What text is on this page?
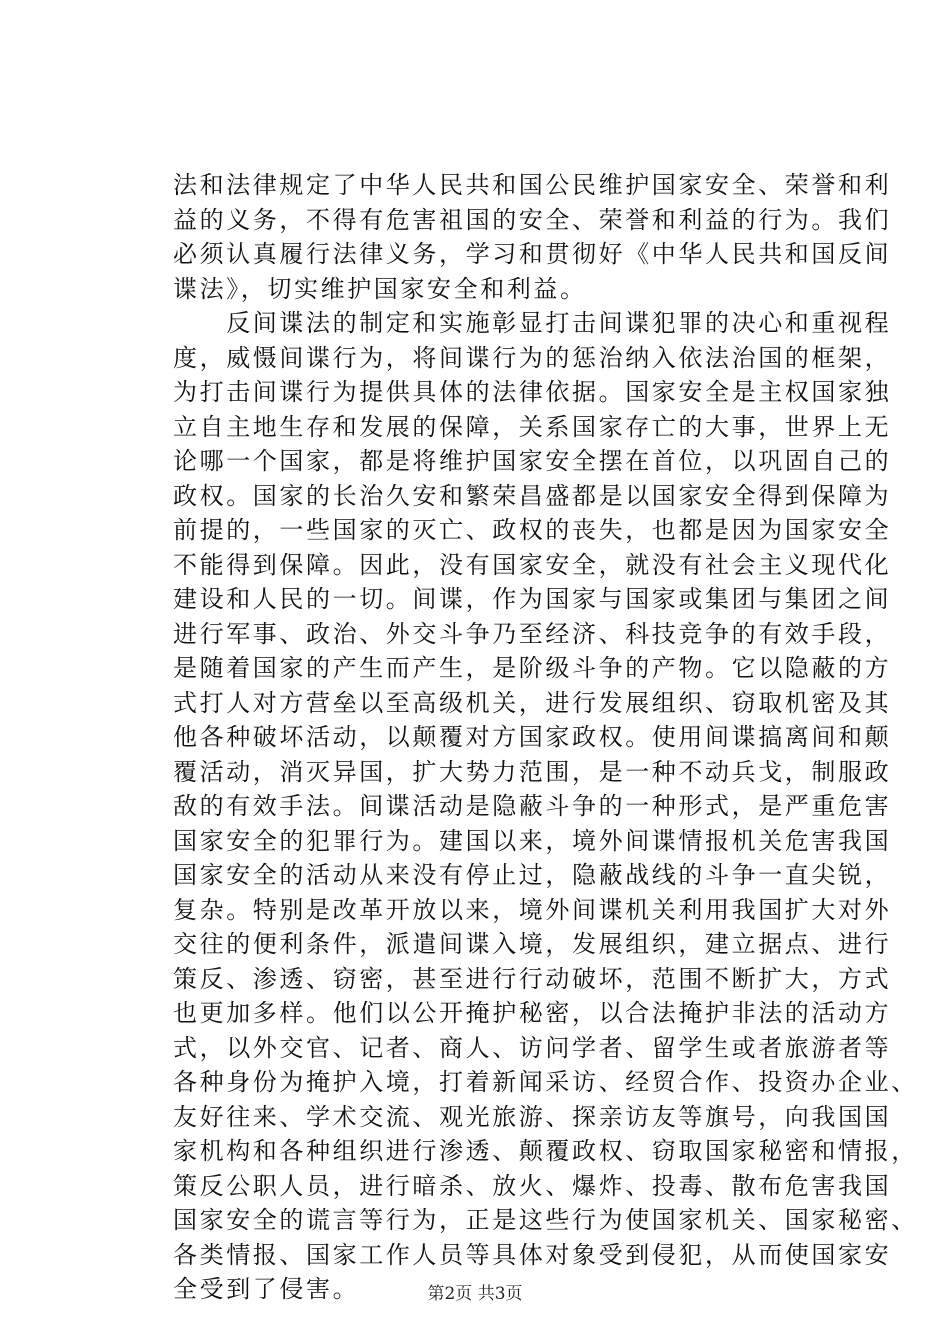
法和法律规定了中华人民共和国公民维护国家安全、荣誉和利
益的义务，不得有危害祖国的安全、荣誉和利益的行为。我们
必须认真履行法律义务，学习和贯彻好《中华人民共和国反间
谍法》，切实维护国家安全和利益。
　　反间谍法的制定和实施彰显打击间谍犯罪的决心和重视程
度，威慑间谍行为，将间谍行为的惩治纳入依法治国的框架，
为打击间谍行为提供具体的法律依据。国家安全是主权国家独
立自主地生存和发展的保障，关系国家存亡的大事，世界上无
论哪一个国家，都是将维护国家安全摆在首位，以巩固自己的
政权。国家的长治久安和繁荣昌盛都是以国家安全得到保障为
前提的，一些国家的灭亡、政权的丧失，也都是因为国家安全
不能得到保障。因此，没有国家安全，就没有社会主义现代化
建设和人民的一切。间谍，作为国家与国家或集团与集团之间
进行军事、政治、外交斗争乃至经济、科技竞争的有效手段，
是随着国家的产生而产生，是阶级斗争的产物。它以隐蔽的方
式打人对方营垒以至高级机关，进行发展组织、窃取机密及其
他各种破坏活动，以颠覆对方国家政权。使用间谍搞离间和颠
覆活动，消灭异国，扩大势力范围，是一种不动兵戈，制服政
敌的有效手法。间谍活动是隐蔽斗争的一种形式，是严重危害
国家安全的犯罪行为。建国以来，境外间谍情报机关危害我国
国家安全的活动从来没有停止过，隐蔽战线的斗争一直尖锐，
复杂。特别是改革开放以来，境外间谍机关利用我国扩大对外
交往的便利条件，派遣间谍入境，发展组织，建立据点、进行
策反、渗透、窃密，甚至进行行动破坏，范围不断扩大，方式
也更加多样。他们以公开掩护秘密，以合法掩护非法的活动方
式，以外交官、记者、商人、访问学者、留学生或者旅游者等
各种身份为掩护入境，打着新闻采访、经贸合作、投资办企业、
友好往来、学术交流、观光旅游、探亲访友等旗号，向我国国
家机构和各种组织进行渗透、颠覆政权、窃取国家秘密和情报，
策反公职人员，进行暗杀、放火、爆炸、投毒、散布危害我国
国家安全的谎言等行为，正是这些行为使国家机关、国家秘密、
各类情报、国家工作人员等具体对象受到侵犯，从而使国家安
全受到了侵害。	第2页 共3页
